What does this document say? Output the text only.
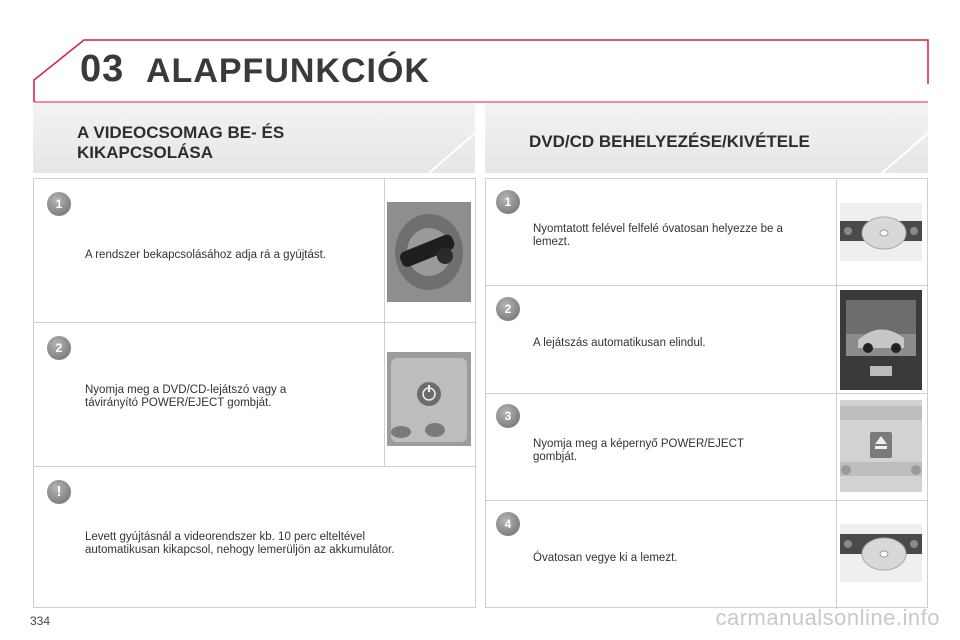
03 ALAPFUNKCIÓK
A VIDEOCSOMAG BE- ÉS
KIKAPCSOLÁSA
DVD/CD BEHELYEZÉSE/KIVÉTELE
1
A rendszer bekapcsolásához adja rá a gyújtást.
2
Nyomja meg a DVD/CD-lejátszó vagy a
távirányító POWER/EJECT gombját.
!
Levett gyújtásnál a videorendszer kb. 10 perc elteltével
automatikusan kikapcsol, nehogy lemerüljön az akkumulátor.
1
Nyomtatott felével felfelé óvatosan helyezze be a
lemezt.
2
A lejátszás automatikusan elindul.
3
Nyomja meg a képernyő POWER/EJECT
gombját.
4
Óvatosan vegye ki a lemezt.
334	carmanualsonline.info
